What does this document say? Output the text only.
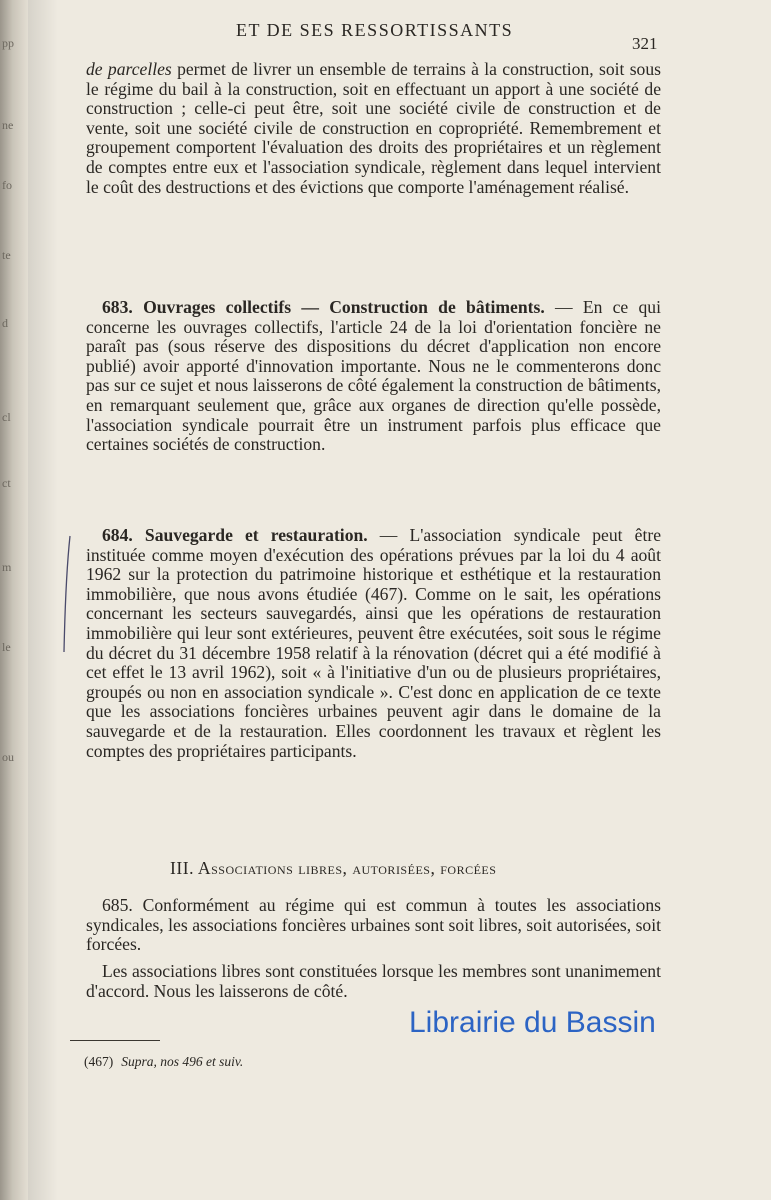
pp
ne
fo
te
d
cl
ct
m
le
ou
ET DE SES RESSORTISSANTS
321

de parcelles permet de livrer un ensemble de terrains à la construction, soit sous le régime du bail à la construction, soit en effectuant un apport à une société de construction ; celle-ci peut être, soit une société civile de construction et de vente, soit une société civile de construction en copropriété. Remembrement et groupement comportent l'évaluation des droits des propriétaires et un règlement de comptes entre eux et l'association syndicale, règlement dans lequel intervient le coût des destructions et des évictions que comporte l'aménagement réalisé.

683. Ouvrages collectifs — Construction de bâtiments. — En ce qui concerne les ouvrages collectifs, l'article 24 de la loi d'orientation foncière ne paraît pas (sous réserve des dispositions du décret d'application non encore publié) avoir apporté d'innovation importante. Nous ne le commenterons donc pas sur ce sujet et nous laisserons de côté également la construction de bâtiments, en remarquant seulement que, grâce aux organes de direction qu'elle possède, l'association syndicale pourrait être un instrument parfois plus efficace que certaines sociétés de construction.

684. Sauvegarde et restauration. — L'association syndicale peut être instituée comme moyen d'exécution des opérations prévues par la loi du 4 août 1962 sur la protection du patrimoine historique et esthétique et la restauration immobilière, que nous avons étudiée (467). Comme on le sait, les opérations concernant les secteurs sauvegardés, ainsi que les opérations de restauration immobilière qui leur sont extérieures, peuvent être exécutées, soit sous le régime du décret du 31 décembre 1958 relatif à la rénovation (décret qui a été modifié à cet effet le 13 avril 1962), soit « à l'initiative d'un ou de plusieurs propriétaires, groupés ou non en association syndicale ». C'est donc en application de ce texte que les associations foncières urbaines peuvent agir dans le domaine de la sauvegarde et de la restauration. Elles coordonnent les travaux et règlent les comptes des propriétaires participants.

III. Associations libres, autorisées, forcées

685. Conformément au régime qui est commun à toutes les associations syndicales, les associations foncières urbaines sont soit libres, soit autorisées, soit forcées.

Les associations libres sont constituées lorsque les membres sont unanimement d'accord. Nous les laisserons de côté.

(467) Supra, nos 496 et suiv.
Librairie du Bassin
